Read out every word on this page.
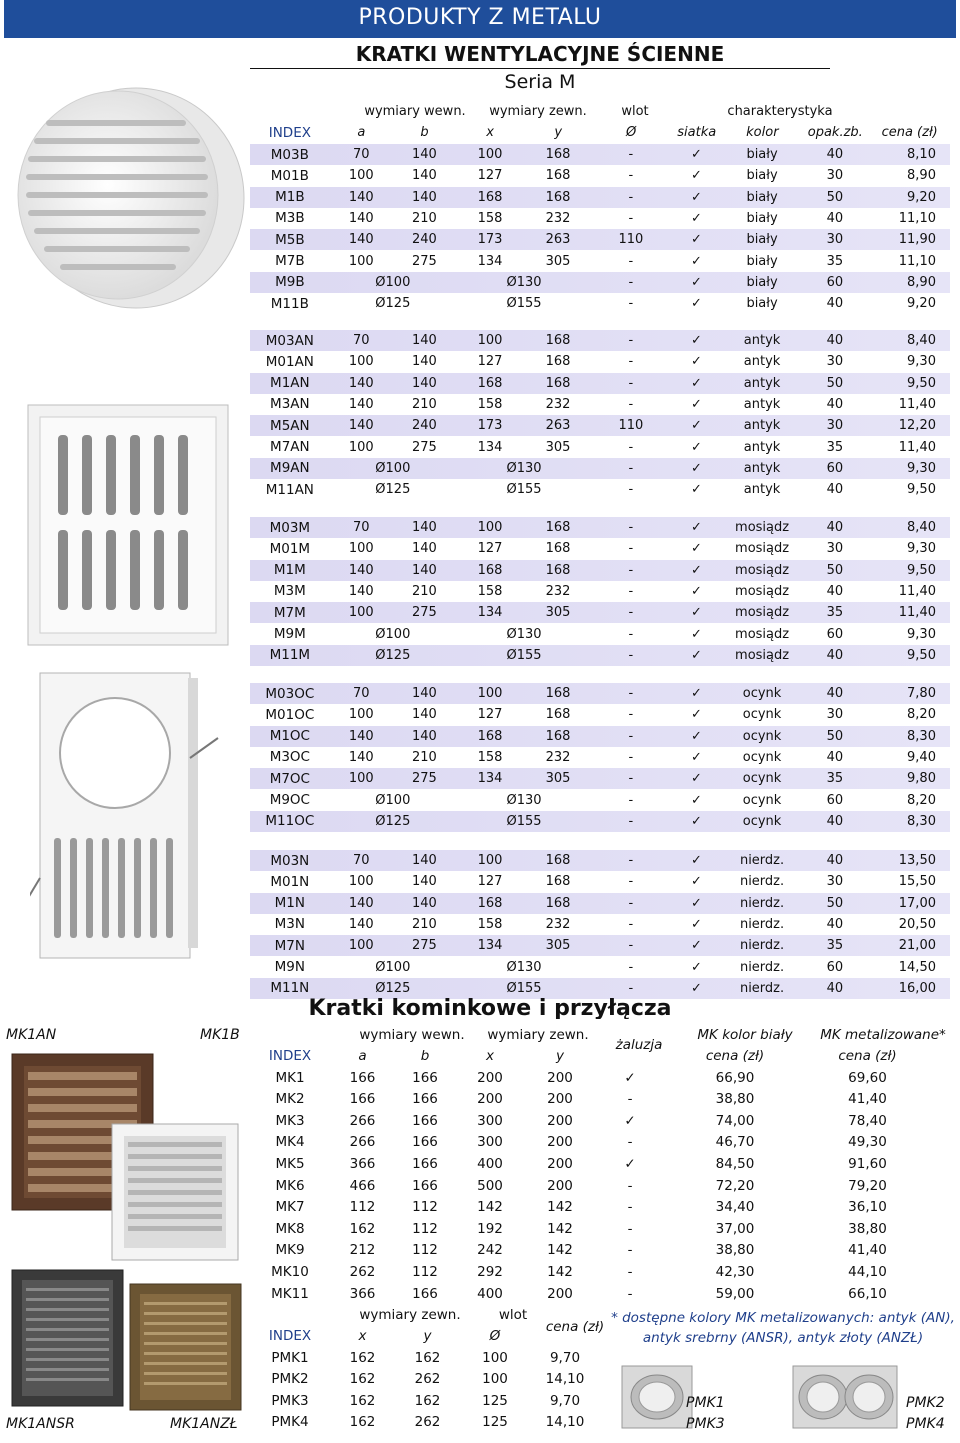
PRODUKTY Z METALU
KRATKI WENTYLACYJNE ŚCIENNE
Seria M
wymiary wewn.	wymiary zewn.	wlot	charakterystyka
INDEX	a	b	x	y	Ø	siatka	kolor	opak.zb.	cena (zł)
M03B	70	140	100	168	-	✓	biały	40	8,10
M01B	100	140	127	168	-	✓	biały	30	8,90
M1B	140	140	168	168	-	✓	biały	50	9,20
M3B	140	210	158	232	-	✓	biały	40	11,10
M5B	140	240	173	263	110	✓	biały	30	11,90
M7B	100	275	134	305	-	✓	biały	35	11,10
M9B	Ø100	Ø130	-	✓	biały	60	8,90
M11B	Ø125	Ø155	-	✓	biały	40	9,20
M03AN	70	140	100	168	-	✓	antyk	40	8,40
M01AN	100	140	127	168	-	✓	antyk	30	9,30
M1AN	140	140	168	168	-	✓	antyk	50	9,50
M3AN	140	210	158	232	-	✓	antyk	40	11,40
M5AN	140	240	173	263	110	✓	antyk	30	12,20
M7AN	100	275	134	305	-	✓	antyk	35	11,40
M9AN	Ø100	Ø130	-	✓	antyk	60	9,30
M11AN	Ø125	Ø155	-	✓	antyk	40	9,50
M03M	70	140	100	168	-	✓	mosiądz	40	8,40
M01M	100	140	127	168	-	✓	mosiądz	30	9,30
M1M	140	140	168	168	-	✓	mosiądz	50	9,50
M3M	140	210	158	232	-	✓	mosiądz	40	11,40
M7M	100	275	134	305	-	✓	mosiądz	35	11,40
M9M	Ø100	Ø130	-	✓	mosiądz	60	9,30
M11M	Ø125	Ø155	-	✓	mosiądz	40	9,50
M03OC	70	140	100	168	-	✓	ocynk	40	7,80
M01OC	100	140	127	168	-	✓	ocynk	30	8,20
M1OC	140	140	168	168	-	✓	ocynk	50	8,30
M3OC	140	210	158	232	-	✓	ocynk	40	9,40
M7OC	100	275	134	305	-	✓	ocynk	35	9,80
M9OC	Ø100	Ø130	-	✓	ocynk	60	8,20
M11OC	Ø125	Ø155	-	✓	ocynk	40	8,30
M03N	70	140	100	168	-	✓	nierdz.	40	13,50
M01N	100	140	127	168	-	✓	nierdz.	30	15,50
M1N	140	140	168	168	-	✓	nierdz.	50	17,00
M3N	140	210	158	232	-	✓	nierdz.	40	20,50
M7N	100	275	134	305	-	✓	nierdz.	35	21,00
M9N	Ø100	Ø130	-	✓	nierdz.	60	14,50
M11N	Ø125	Ø155	-	✓	nierdz.	40	16,00
Kratki kominkowe i przyłącza
MK1AN	MK1B
MK1ANSR	MK1ANZŁ
wymiary wewn.	wymiary zewn.
żaluzja
MK kolor biały	MK metalizowane*
INDEX	a	b	x	y	cena (zł)	cena (zł)
MK1	166	166	200	200	✓	66,90	69,60
MK2	166	166	200	200	-	38,80	41,40
MK3	266	166	300	200	✓	74,00	78,40
MK4	266	166	300	200	-	46,70	49,30
MK5	366	166	400	200	✓	84,50	91,60
MK6	466	166	500	200	-	72,20	79,20
MK7	112	112	142	142	-	34,40	36,10
MK8	162	112	192	142	-	37,00	38,80
MK9	212	112	242	142	-	38,80	41,40
MK10	262	112	292	142	-	42,30	44,10
MK11	366	166	400	200	-	59,00	66,10
wymiary zewn.	wlot
cena (zł)
INDEX	x	y	Ø
PMK1	162	162	100	9,70
PMK2	162	262	100	14,10
PMK3	162	162	125	9,70
PMK4	162	262	125	14,10
* dostępne kolory MK metalizowanych: antyk (AN),
antyk srebrny (ANSR), antyk złoty (ANZŁ)
PMK1
PMK3
PMK2
PMK4
